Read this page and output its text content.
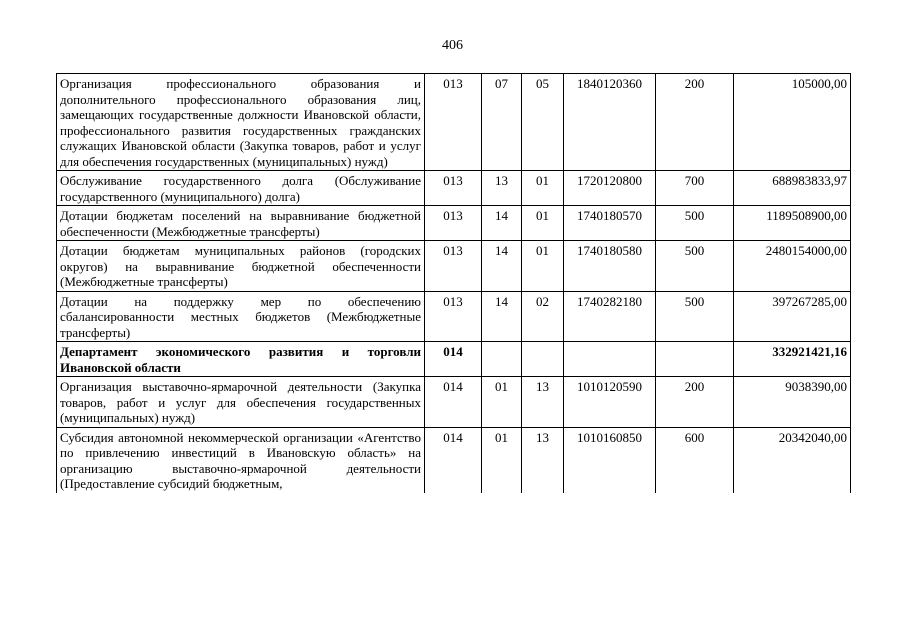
406
Организация профессионального образования и дополнительного профессионального образования лиц, замещающих государственные должности Ивановской области, профессионального развития государственных гражданских служащих Ивановской области (Закупка товаров, работ и услуг для обеспечения государственных (муниципальных) нужд)	013	07	05	1840120360	200	105000,00
Обслуживание государственного долга (Обслуживание государственного (муниципального) долга)	013	13	01	1720120800	700	688983833,97
Дотации бюджетам поселений на выравнивание бюджетной обеспеченности (Межбюджетные трансферты)	013	14	01	1740180570	500	1189508900,00
Дотации бюджетам муниципальных районов (городских округов) на выравнивание бюджетной обеспеченности (Межбюджетные трансферты)	013	14	01	1740180580	500	2480154000,00
Дотации на поддержку мер по обеспечению сбалансированности местных бюджетов (Межбюджетные трансферты)	013	14	02	1740282180	500	397267285,00
Департамент экономического развития и торговли Ивановской области	014					332921421,16
Организация выставочно-ярмарочной деятельности (Закупка товаров, работ и услуг для обеспечения государственных (муниципальных) нужд)	014	01	13	1010120590	200	9038390,00
Субсидия автономной некоммерческой организации «Агентство по привлечению инвестиций в Ивановскую область» на организацию выставочно-ярмарочной деятельности (Предоставление субсидий бюджетным,	014	01	13	1010160850	600	20342040,00
